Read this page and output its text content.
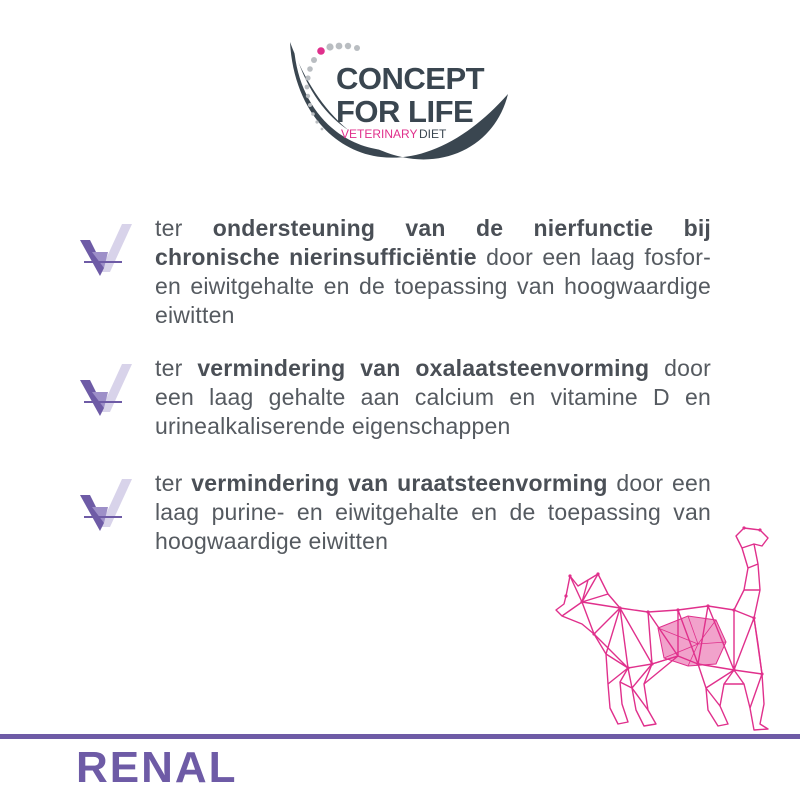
CONCEPT
FOR LIFE
VETERINARY DIET
ter ondersteuning van de nierfunctie bij chronische nierinsufficiëntie door een laag fosfor- en eiwitgehalte en de toepassing van hoogwaardige eiwitten
ter vermindering van oxalaatsteenvorming door een laag gehalte aan calcium en vitamine D en urinealkaliserende eigenschappen
ter vermindering van uraatsteenvorming door een laag purine- en eiwitgehalte en de toepassing van hoogwaardige eiwitten
RENAL
